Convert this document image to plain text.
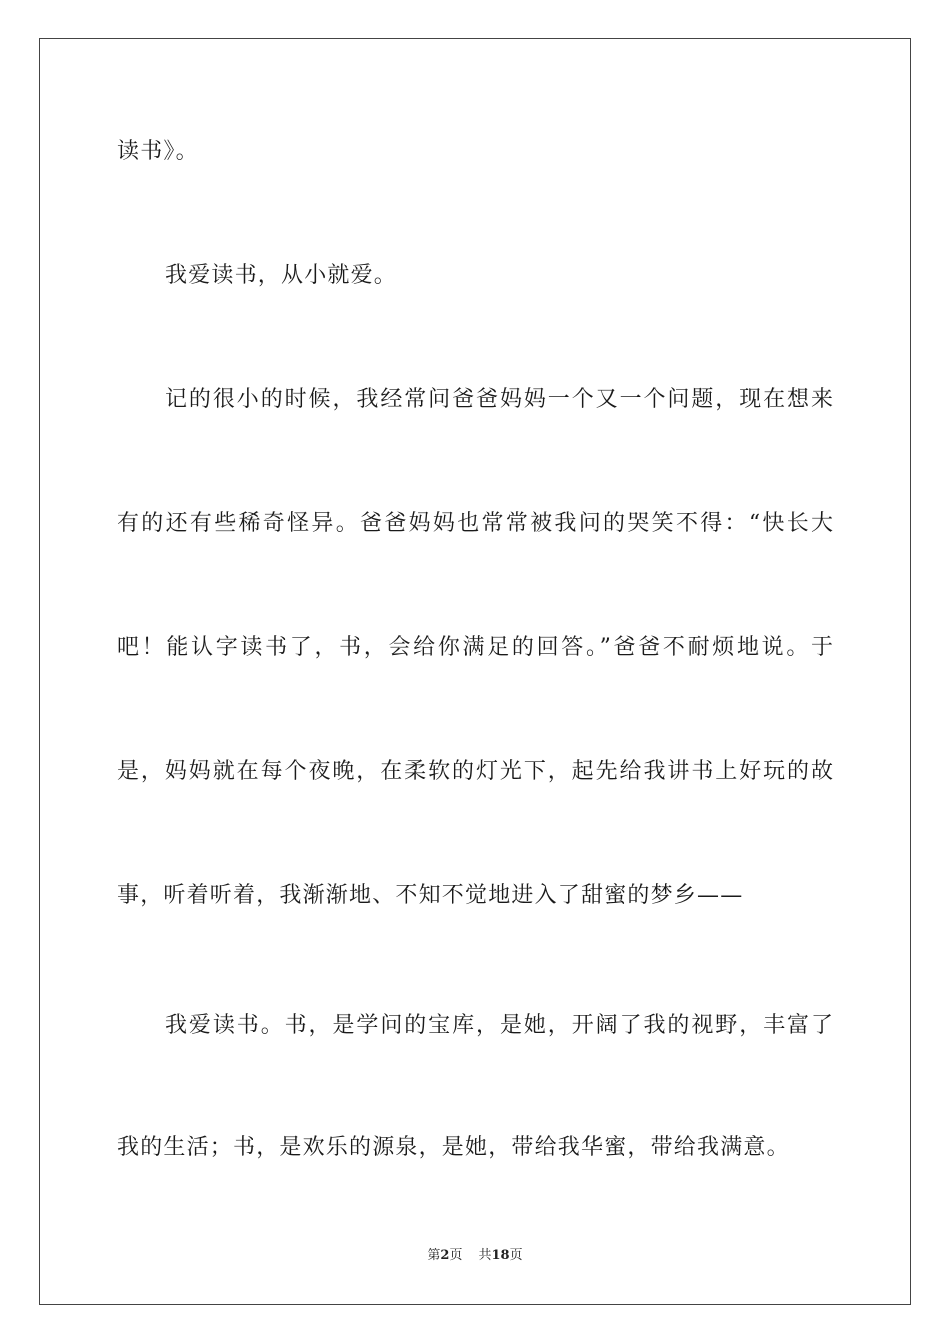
读书》。
我爱读书，从小就爱。
记的很小的时候，我经常问爸爸妈妈一个又一个问题，现在想来
有的还有些稀奇怪异。爸爸妈妈也常常被我问的哭笑不得：“快长大
吧！能认字读书了，书，会给你满足的回答。”爸爸不耐烦地说。于
是，妈妈就在每个夜晚，在柔软的灯光下，起先给我讲书上好玩的故
事，听着听着，我渐渐地、不知不觉地进入了甜蜜的梦乡——
我爱读书。书，是学问的宝库，是她，开阔了我的视野，丰富了
我的生活；书，是欢乐的源泉，是她，带给我华蜜，带给我满意。
第2页 共18页
